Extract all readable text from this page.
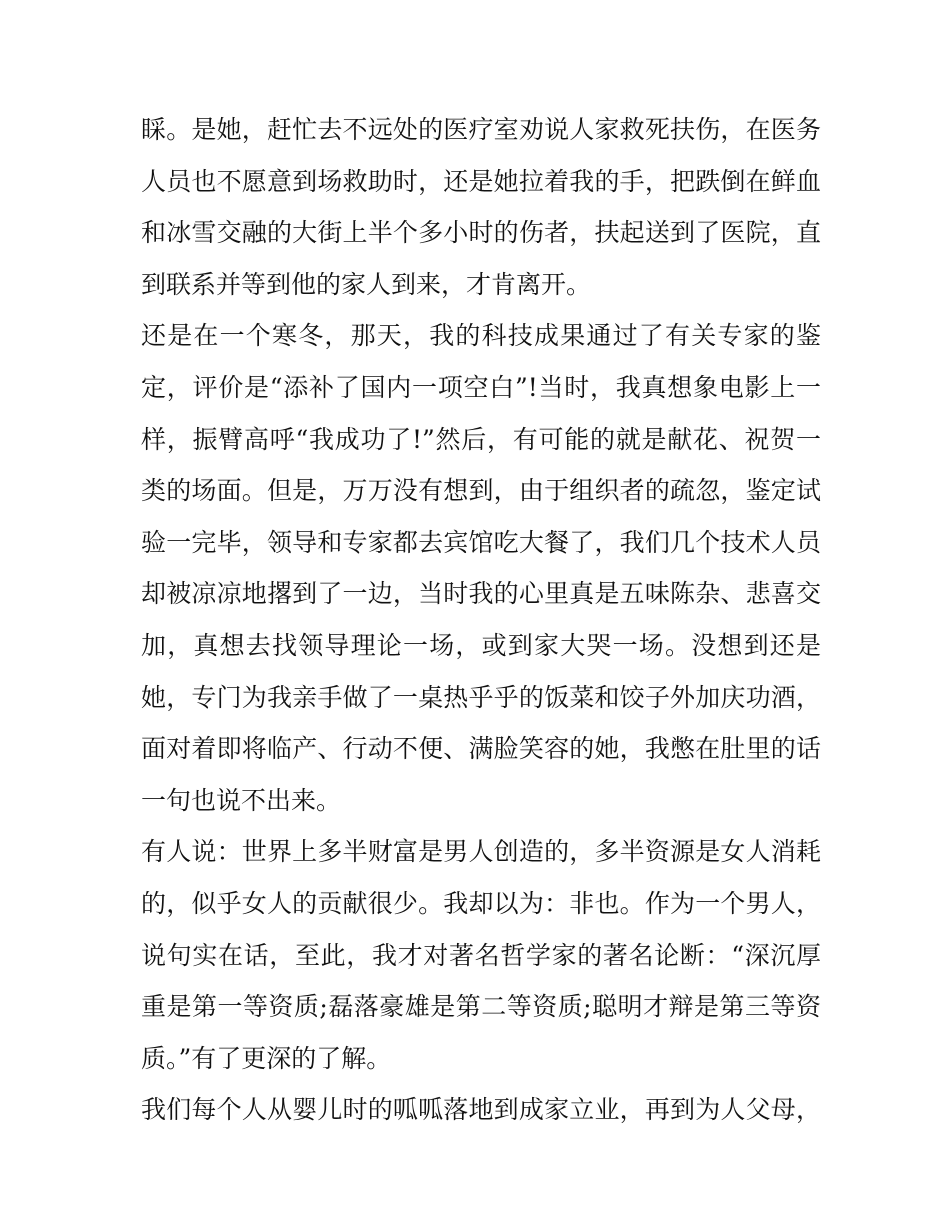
睬。是她，赶忙去不远处的医疗室劝说人家救死扶伤，在医务
人员也不愿意到场救助时，还是她拉着我的手，把跌倒在鲜血
和冰雪交融的大街上半个多小时的伤者，扶起送到了医院，直
到联系并等到他的家人到来，才肯离开。
还是在一个寒冬，那天，我的科技成果通过了有关专家的鉴
定，评价是“添补了国内一项空白”!当时，我真想象电影上一
样，振臂高呼“我成功了!”然后，有可能的就是献花、祝贺一
类的场面。但是，万万没有想到，由于组织者的疏忽，鉴定试
验一完毕，领导和专家都去宾馆吃大餐了，我们几个技术人员
却被凉凉地撂到了一边，当时我的心里真是五味陈杂、悲喜交
加，真想去找领导理论一场，或到家大哭一场。没想到还是
她，专门为我亲手做了一桌热乎乎的饭菜和饺子外加庆功酒，
面对着即将临产、行动不便、满脸笑容的她，我憋在肚里的话
一句也说不出来。
有人说：世界上多半财富是男人创造的，多半资源是女人消耗
的，似乎女人的贡献很少。我却以为：非也。作为一个男人，
说句实在话，至此，我才对著名哲学家的著名论断：“深沉厚
重是第一等资质;磊落豪雄是第二等资质;聪明才辩是第三等资
质。”有了更深的了解。
我们每个人从婴儿时的呱呱落地到成家立业，再到为人父母，
